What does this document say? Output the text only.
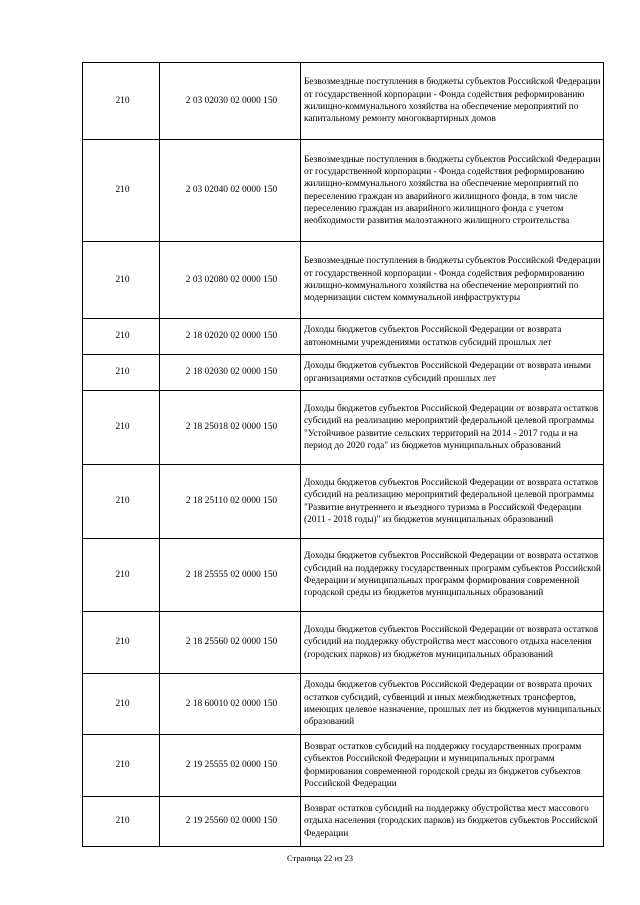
210	2 03 02030 02 0000 150	Безвозмездные поступления в бюджеты субъектов Российской Федерации от государственной корпорации - Фонда содействия реформированию жилищно-коммунального хозяйства на обеспечение мероприятий по капитальному ремонту многоквартирных домов
210	2 03 02040 02 0000 150	Безвозмездные поступления в бюджеты субъектов Российской Федерации от государственной корпорации - Фонда содействия реформированию жилищно-коммунального хозяйства на обеспечение мероприятий по переселению граждан из аварийного жилищного фонда, в том числе переселению граждан из аварийного жилищного фонда с учетом необходимости развития малоэтажного жилищного строительства
210	2 03 02080 02 0000 150	Безвозмездные поступления в бюджеты субъектов Российской Федерации от государственной корпорации - Фонда содействия реформированию жилищно-коммунального хозяйства на обеспечение мероприятий по модернизации систем коммунальной инфраструктуры
210	2 18 02020 02 0000 150	Доходы бюджетов субъектов Российской Федерации от возврата автономными учреждениями остатков субсидий прошлых лет
210	2 18 02030 02 0000 150	Доходы бюджетов субъектов Российской Федерации от возврата иными организациями остатков субсидий прошлых лет
210	2 18 25018 02 0000 150	Доходы бюджетов субъектов Российской Федерации от возврата остатков субсидий на реализацию мероприятий федеральной целевой программы "Устойчивое развитие сельских территорий на 2014 - 2017 годы и на период до 2020 года" из бюджетов муниципальных образований
210	2 18 25110 02 0000 150	Доходы бюджетов субъектов Российской Федерации от возврата остатков субсидий на реализацию мероприятий федеральной целевой программы "Развитие внутреннего и въездного туризма в Российской Федерации (2011 - 2018 годы)" из бюджетов муниципальных образований
210	2 18 25555 02 0000 150	Доходы бюджетов субъектов Российской Федерации от возврата остатков субсидий на поддержку государственных программ субъектов Российской Федерации и муниципальных программ формирования современной городской среды из бюджетов муниципальных образований
210	2 18 25560 02 0000 150	Доходы бюджетов субъектов Российской Федерации от возврата остатков субсидий на поддержку обустройства мест массового отдыха населения (городских парков) из бюджетов муниципальных образований
210	2 18 60010 02 0000 150	Доходы бюджетов субъектов Российской Федерации от возврата прочих остатков субсидий, субвенций и иных межбюджетных трансфертов, имеющих целевое назначение, прошлых лет из бюджетов муниципальных образований
210	2 19 25555 02 0000 150	Возврат остатков субсидий на поддержку государственных программ субъектов Российской Федерации и муниципальных программ формирования современной городской среды из бюджетов субъектов Российской Федерации
210	2 19 25560 02 0000 150	Возврат остатков субсидий на поддержку обустройства мест массового отдыха населения (городских парков) из бюджетов субъектов Российской Федерации
Страница 22 из 23
